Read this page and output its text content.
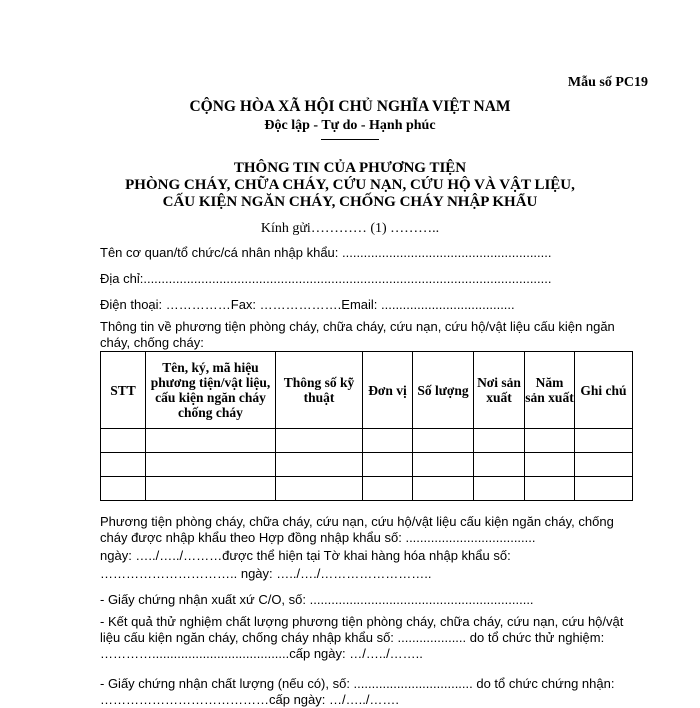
Mẫu số PC19
CỘNG HÒA XÃ HỘI CHỦ NGHĨA VIỆT NAM
Độc lập - Tự do - Hạnh phúc
THÔNG TIN CỦA PHƯƠNG TIỆN
PHÒNG CHÁY, CHỮA CHÁY, CỨU NẠN, CỨU HỘ VÀ VẬT LIỆU,
CẤU KIỆN NGĂN CHÁY, CHỐNG CHÁY NHẬP KHẨU
Kính gửi………… (1) ………..
Tên cơ quan/tổ chức/cá nhân nhập khẩu: ..........................................................
Địa chỉ:.................................................................................................................
Điện thoại: ……………Fax: ……………….Email: .....................................
Thông tin về phương tiện phòng cháy, chữa cháy, cứu nạn, cứu hộ/vật liệu cấu kiện ngăn cháy, chống cháy:
STT	Tên, ký, mã hiệu phương tiện/vật liệu, cấu kiện ngăn cháy chống cháy	Thông số kỹ thuật	Đơn vị	Số lượng	Nơi sản xuất	Năm sản xuất	Ghi chú

Phương tiện phòng cháy, chữa cháy, cứu nạn, cứu hộ/vật liệu cấu kiện ngăn cháy, chống cháy được nhập khẩu theo Hợp đồng nhập khẩu số: ....................................
ngày: …../…../………được thể hiện tại Tờ khai hàng hóa nhập khẩu số:
………………………….. ngày: …../…./……………………..
- Giấy chứng nhận xuất xứ C/O, số: ..............................................................
- Kết quả thử nghiệm chất lượng phương tiện phòng cháy, chữa cháy, cứu nạn, cứu hộ/vật liệu cấu kiện ngăn cháy, chống cháy nhập khẩu số: ................... do tổ chức thử nghiệm: …………......................................cấp ngày: …/…../……..
- Giấy chứng nhận chất lượng (nếu có), số: ................................. do tổ chức chứng nhận: …………………………………cấp ngày: …/…../…….
